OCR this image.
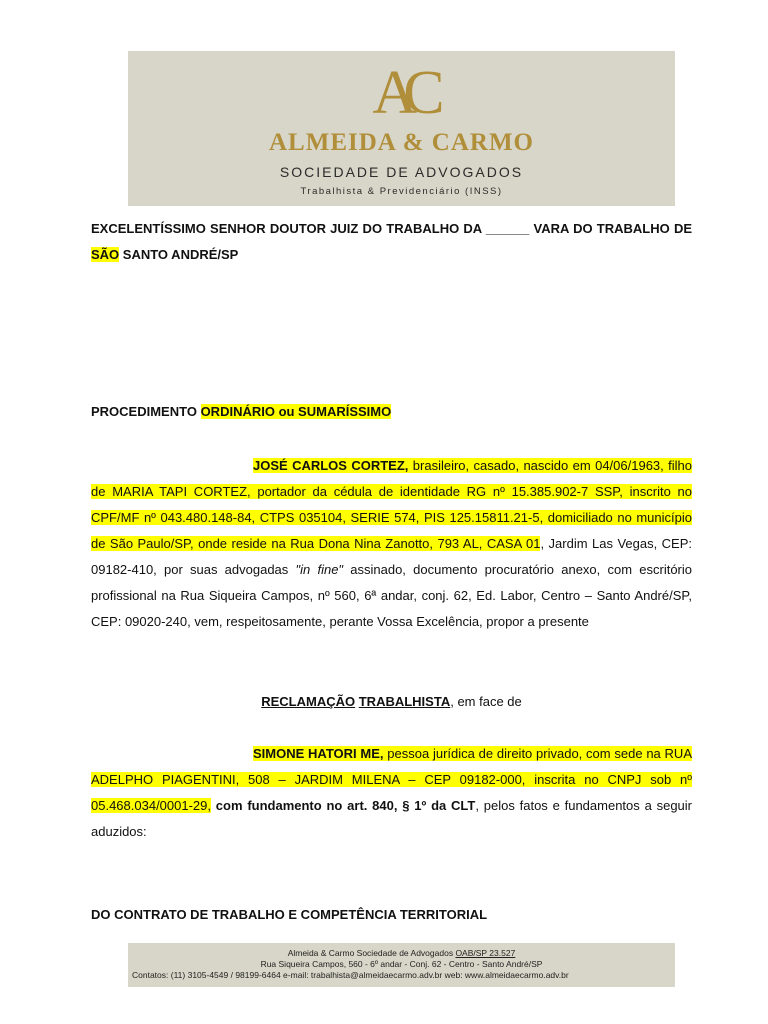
AC
ALMEIDA & CARMO
SOCIEDADE DE ADVOGADOS
Trabalhista & Previdenciário (INSS)
EXCELENTÍSSIMO SENHOR DOUTOR JUIZ DO TRABALHO DA ______ VARA DO TRABALHO DE SÃO SANTO ANDRÉ/SP
PROCEDIMENTO ORDINÁRIO ou SUMARÍSSIMO
JOSÉ CARLOS CORTEZ, brasileiro, casado, nascido em 04/06/1963, filho de MARIA TAPI CORTEZ, portador da cédula de identidade RG nº 15.385.902-7 SSP, inscrito no CPF/MF nº 043.480.148-84, CTPS 035104, SERIE 574, PIS 125.15811.21-5, domiciliado no município de São Paulo/SP, onde reside na Rua Dona Nina Zanotto, 793 AL, CASA 01, Jardim Las Vegas, CEP: 09182-410, por suas advogadas "in fine" assinado, documento procuratório anexo, com escritório profissional na Rua Siqueira Campos, nº 560, 6ª andar, conj. 62, Ed. Labor, Centro – Santo André/SP, CEP: 09020-240, vem, respeitosamente, perante Vossa Excelência, propor a presente
RECLAMAÇÃO TRABALHISTA, em face de
SIMONE HATORI ME, pessoa jurídica de direito privado, com sede na RUA ADELPHO PIAGENTINI, 508 – JARDIM MILENA – CEP 09182-000, inscrita no CNPJ sob nº 05.468.034/0001-29, com fundamento no art. 840, § 1º da CLT, pelos fatos e fundamentos a seguir aduzidos:
DO CONTRATO DE TRABALHO E COMPETÊNCIA TERRITORIAL
Almeida & Carmo Sociedade de Advogados OAB/SP 23.527
Rua Siqueira Campos, 560 - 6º andar - Conj. 62 - Centro - Santo André/SP
Contatos: (11) 3105-4549 / 98199-6464 e-mail: trabalhista@almeidaecarmo.adv.br web: www.almeidaecarmo.adv.br
